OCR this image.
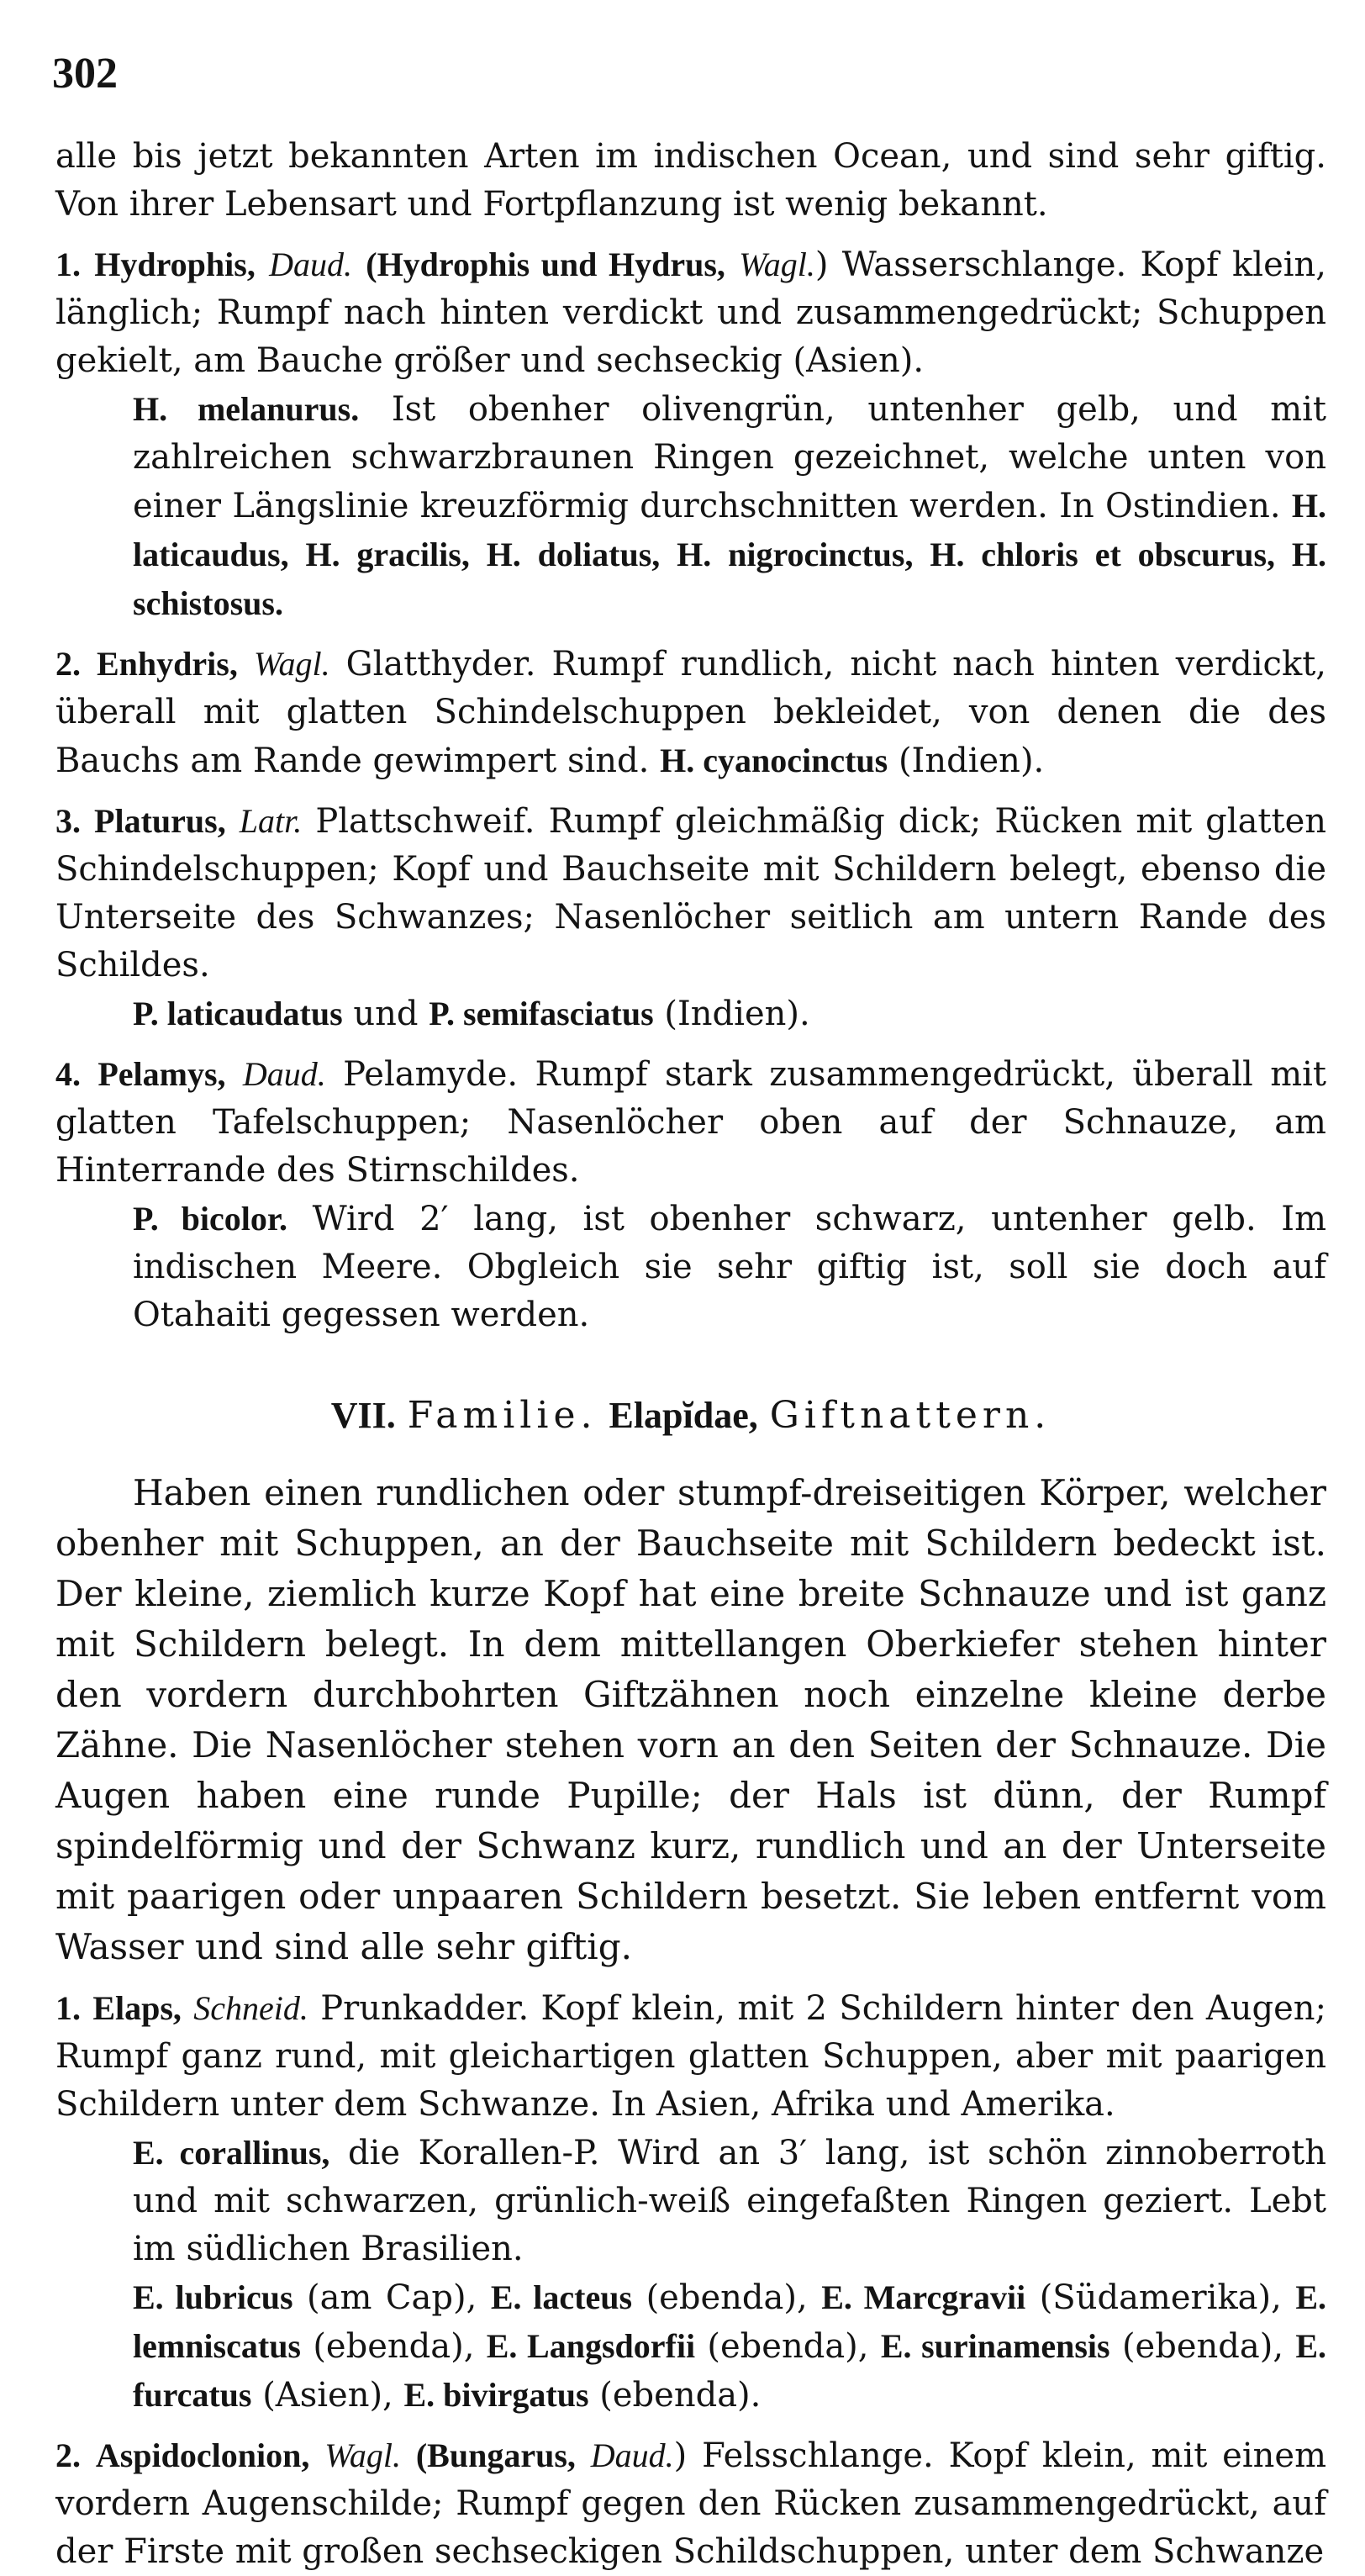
302

alle bis jetzt bekannten Arten im indischen Ocean, und sind sehr giftig. Von ihrer Lebensart und Fortpflanzung ist wenig bekannt.

1. Hydrophis, Daud. (Hydrophis und Hydrus, Wagl.) Wasserschlange. Kopf klein, länglich; Rumpf nach hinten verdickt und zusammengedrückt; Schuppen gekielt, am Bauche größer und sechseckig (Asien).

H. melanurus. Ist obenher olivengrün, untenher gelb, und mit zahlreichen schwarzbraunen Ringen gezeichnet, welche unten von einer Längslinie kreuzförmig durchschnitten werden. In Ostindien. H. laticaudus, H. gracilis, H. doliatus, H. nigrocinctus, H. chloris et obscurus, H. schistosus.

2. Enhydris, Wagl. Glatthyder. Rumpf rundlich, nicht nach hinten verdickt, überall mit glatten Schindelschuppen bekleidet, von denen die des Bauchs am Rande gewimpert sind. H. cyanocinctus (Indien).

3. Platurus, Latr. Plattschweif. Rumpf gleichmäßig dick; Rücken mit glatten Schindelschuppen; Kopf und Bauchseite mit Schildern belegt, ebenso die Unterseite des Schwanzes; Nasenlöcher seitlich am untern Rande des Schildes.

P. laticaudatus und P. semifasciatus (Indien).

4. Pelamys, Daud. Pelamyde. Rumpf stark zusammengedrückt, überall mit glatten Tafelschuppen; Nasenlöcher oben auf der Schnauze, am Hinterrande des Stirnschildes.

P. bicolor. Wird 2′ lang, ist obenher schwarz, untenher gelb. Im indischen Meere. Obgleich sie sehr giftig ist, soll sie doch auf Otahaiti gegessen werden.

VII. Familie. Elapĭdae, Giftnattern.

Haben einen rundlichen oder stumpf-dreiseitigen Körper, welcher obenher mit Schuppen, an der Bauchseite mit Schildern bedeckt ist. Der kleine, ziemlich kurze Kopf hat eine breite Schnauze und ist ganz mit Schildern belegt. In dem mittellangen Oberkiefer stehen hinter den vordern durchbohrten Giftzähnen noch einzelne kleine derbe Zähne. Die Nasenlöcher stehen vorn an den Seiten der Schnauze. Die Augen haben eine runde Pupille; der Hals ist dünn, der Rumpf spindelförmig und der Schwanz kurz, rundlich und an der Unterseite mit paarigen oder unpaaren Schildern besetzt. Sie leben entfernt vom Wasser und sind alle sehr giftig.

1. Elaps, Schneid. Prunkadder. Kopf klein, mit 2 Schildern hinter den Augen; Rumpf ganz rund, mit gleichartigen glatten Schuppen, aber mit paarigen Schildern unter dem Schwanze. In Asien, Afrika und Amerika.

E. corallinus, die Korallen-P. Wird an 3′ lang, ist schön zinnoberroth und mit schwarzen, grünlich-weiß eingefaßten Ringen geziert. Lebt im südlichen Brasilien.

E. lubricus (am Cap), E. lacteus (ebenda), E. Marcgravii (Südamerika), E. lemniscatus (ebenda), E. Langsdorfii (ebenda), E. surinamensis (ebenda), E. furcatus (Asien), E. bivirgatus (ebenda).

2. Aspidoclonion, Wagl. (Bungarus, Daud.) Felsschlange. Kopf klein, mit einem vordern Augenschilde; Rumpf gegen den Rücken zusammengedrückt, auf der Firste mit großen sechseckigen Schildschuppen, unter dem Schwanze
